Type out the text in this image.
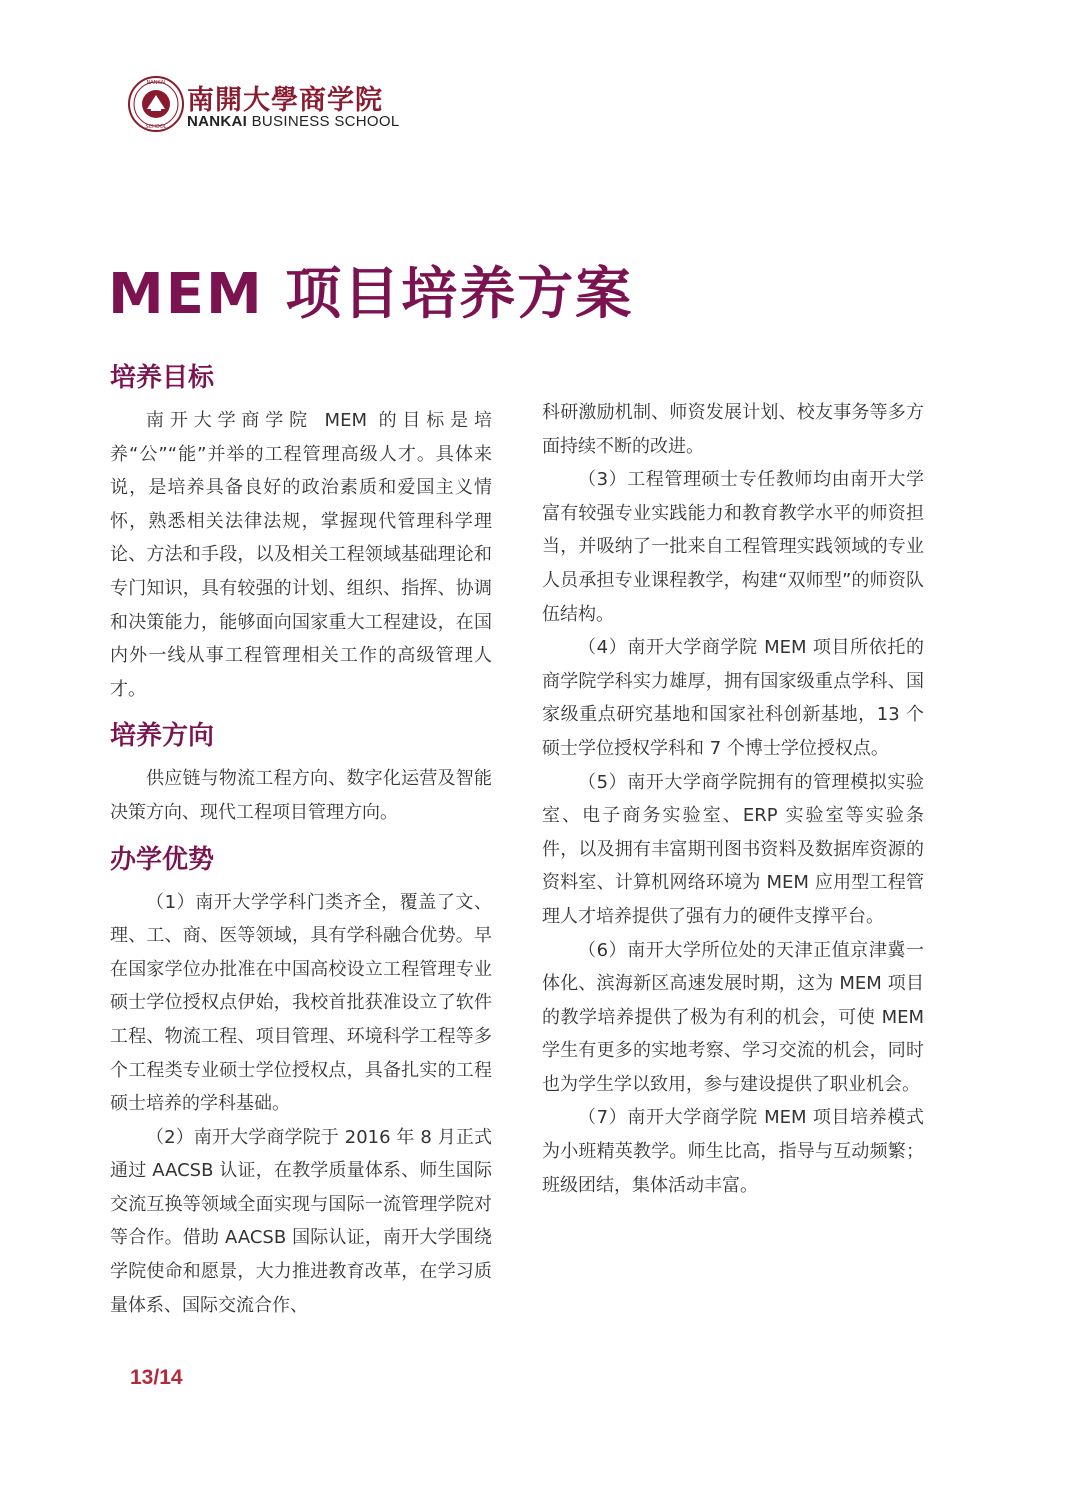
NANKAI
SCHOOL
南開大學商学院
NANKAI BUSINESS SCHOOL
MEM 项目培养方案
培养目标

南开大学商学院 MEM 的目标是培养“公”“能”并举的工程管理高级人才。具体来说，是培养具备良好的政治素质和爱国主义情怀，熟悉相关法律法规，掌握现代管理科学理论、方法和手段，以及相关工程领域基础理论和专门知识，具有较强的计划、组织、指挥、协调和决策能力，能够面向国家重大工程建设，在国内外一线从事工程管理相关工作的高级管理人才。

培养方向

供应链与物流工程方向、数字化运营及智能决策方向、现代工程项目管理方向。

办学优势

（1）南开大学学科门类齐全，覆盖了文、理、工、商、医等领域，具有学科融合优势。早在国家学位办批准在中国高校设立工程管理专业硕士学位授权点伊始，我校首批获准设立了软件工程、物流工程、项目管理、环境科学工程等多个工程类专业硕士学位授权点，具备扎实的工程硕士培养的学科基础。

（2）南开大学商学院于 2016 年 8 月正式通过 AACSB 认证，在教学质量体系、师生国际交流互换等领域全面实现与国际一流管理学院对等合作。借助 AACSB 国际认证，南开大学围绕学院使命和愿景，大力推进教育改革，在学习质量体系、国际交流合作、

科研激励机制、师资发展计划、校友事务等多方面持续不断的改进。

（3）工程管理硕士专任教师均由南开大学富有较强专业实践能力和教育教学水平的师资担当，并吸纳了一批来自工程管理实践领域的专业人员承担专业课程教学，构建“双师型”的师资队伍结构。

（4）南开大学商学院 MEM 项目所依托的商学院学科实力雄厚，拥有国家级重点学科、国家级重点研究基地和国家社科创新基地，13 个硕士学位授权学科和 7 个博士学位授权点。

（5）南开大学商学院拥有的管理模拟实验室、电子商务实验室、ERP 实验室等实验条件，以及拥有丰富期刊图书资料及数据库资源的资料室、计算机网络环境为 MEM 应用型工程管理人才培养提供了强有力的硬件支撑平台。

（6）南开大学所位处的天津正值京津冀一体化、滨海新区高速发展时期，这为 MEM 项目的教学培养提供了极为有利的机会，可使 MEM 学生有更多的实地考察、学习交流的机会，同时也为学生学以致用，参与建设提供了职业机会。

（7）南开大学商学院 MEM 项目培养模式为小班精英教学。师生比高，指导与互动频繁；班级团结，集体活动丰富。

13/14
